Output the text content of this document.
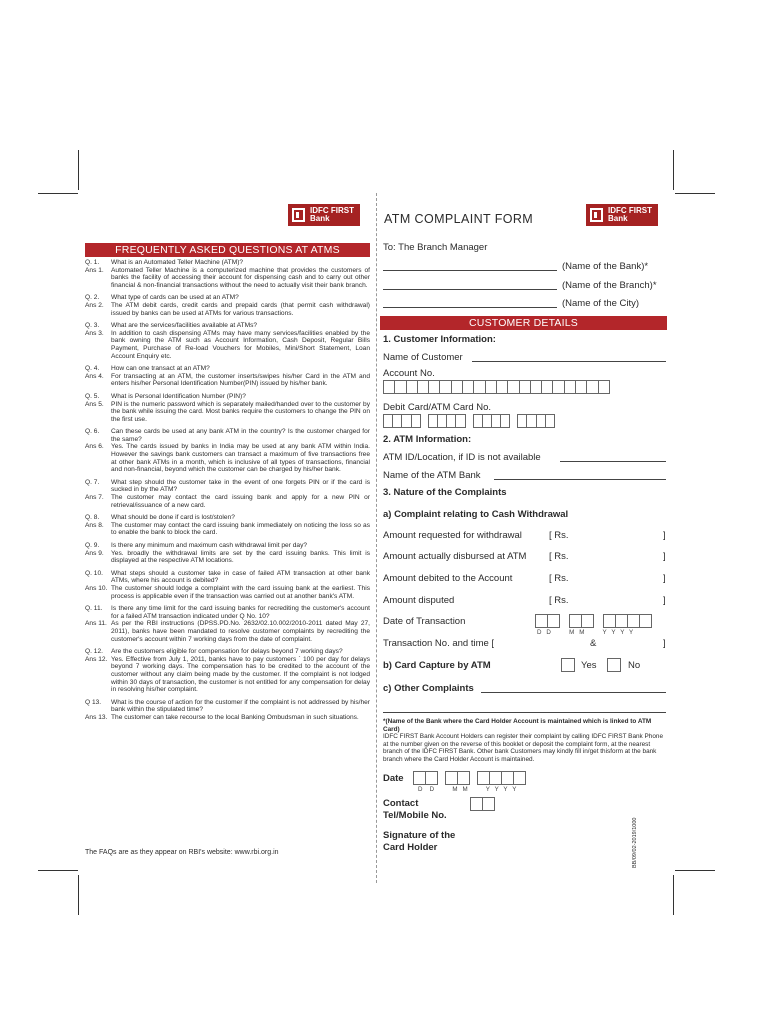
IDFC FIRST
Bank
IDFC FIRST
Bank
ATM COMPLAINT FORM
FREQUENTLY ASKED QUESTIONS AT ATMS
Q. 1.	What is an Automated Teller Machine (ATM)?
Ans 1.	Automated Teller Machine is a computerized machine that provides the customers of banks the facility of accessing their account for dispensing cash and to carry out other financial & non-financial transactions without the need to actually visit their bank branch.
Q. 2.	What type of cards can be used at an ATM?
Ans 2.	The ATM debit cards, credit cards and prepaid cards (that permit cash withdrawal) issued by banks can be used at ATMs for various transactions.
Q. 3.	What are the services/facilities available at ATMs?
Ans 3.	In addition to cash dispensing ATMs may have many services/facilities enabled by the bank owning the ATM such as Account Information, Cash Deposit, Regular Bills Payment, Purchase of Re-load Vouchers for Mobiles, Mini/Short Statement, Loan Account Enquiry etc.
Q. 4.	How can one transact at an ATM?
Ans 4.	For transacting at an ATM, the customer inserts/swipes his/her Card in the ATM and enters his/her Personal Identification Number(PIN) issued by his/her bank.
Q. 5.	What is Personal Identification Number (PIN)?
Ans 5.	PIN is the numeric password which is separately mailed/handed over to the customer by the bank while issuing the card. Most banks require the customers to change the PIN on the first use.
Q. 6.	Can these cards be used at any bank ATM in the country? Is the customer charged for the same?
Ans 6.	Yes. The cards issued by banks in India may be used at any bank ATM within India. However the savings bank customers can transact a maximum of five transactions free at other bank ATMs in a month, which is inclusive of all types of transactions, financial and non-financial, beyond which the customer can be charged by his/her bank.
Q. 7.	What step should the customer take in the event of one forgets PIN or if the card is sucked in by the ATM?
Ans 7.	The customer may contact the card issuing bank and apply for a new PIN or retrieval/issuance of a new card.
Q. 8.	What should be done if card is lost/stolen?
Ans 8.	The customer may contact the card issuing bank immediately on noticing the loss so as to enable the bank to block the card.
Q. 9.	Is there any minimum and maximum cash withdrawal limit per day?
Ans 9.	Yes. broadly the withdrawal limits are set by the card issuing banks. This limit is displayed at the respective ATM locations.
Q. 10.	What steps should a customer take in case of failed ATM transaction at other bank ATMs, where his account is debited?
Ans 10. The customer should lodge a complaint with the card issuing bank at the earliest. This process is applicable even if the transaction was carried out at another bank's ATM.
Q. 11.	Is there any time limit for the card issuing banks for recrediting the customer's account for a failed ATM transaction indicated under Q No. 10?
Ans 11. As per the RBI instructions (DPSS.PD.No. 2632/02.10.002/2010-2011 dated May 27, 2011), banks have been mandated to resolve customer complaints by recrediting the customer's account within 7 working days from the date of complaint.
Q. 12.	Are the customers eligible for compensation for delays beyond 7 working days?
Ans 12. Yes. Effective from July 1, 2011, banks have to pay customers ` 100 per day for delays beyond 7 working days. The compensation has to be credited to the account of the customer without any claim being made by the customer. If the complaint is not lodged within 30 days of transaction, the customer is not entitled for any compensation for delay in resolving his/her complaint.
Q 13.	What is the course of action for the customer if the complaint is not addressed by his/her bank within the stipulated time?
Ans 13. The customer can take recourse to the local Banking Ombudsman in such situations.
The FAQs are as they appear on RBI's website: www.rbi.org.in
To: The Branch Manager
(Name of the Bank)*
(Name of the Branch)*
(Name of the City)
CUSTOMER DETAILS
1. Customer Information:
Name of Customer
Account No.
Debit Card/ATM Card No.
2. ATM Information:
ATM ID/Location, if ID is not available
Name of the ATM Bank
3. Nature of the Complaints
a) Complaint relating to Cash Withdrawal
Amount requested for withdrawal	[ Rs.	]
Amount actually disbursed at ATM [ Rs.	]
Amount debited to the Account	[ Rs.	]
Amount disputed	[ Rs.	]
Date of Transaction
D  D        M  M        Y  Y  Y  Y
Transaction No. and time [	&	]
b) Card Capture by ATM	Yes	No
c) Other Complaints
*(Name of the Bank where the Card Holder Account is maintained which is linked to ATM Card)
IDFC FIRST Bank Account Holders can register their complaint by calling IDFC FIRST Bank Phone at the number given on the reverse of this booklet or deposit the complaint form, at the nearest branch of the IDFC FIRST Bank. Other bank Customers may kindly fill in/get thisform at the bank branch where the Card Holder Account is maintained.
Date
D   D        M  M        Y  Y  Y  Y
Contact
Tel/Mobile No.
Signature of the
Card Holder	BB/09/02-2019/1000
